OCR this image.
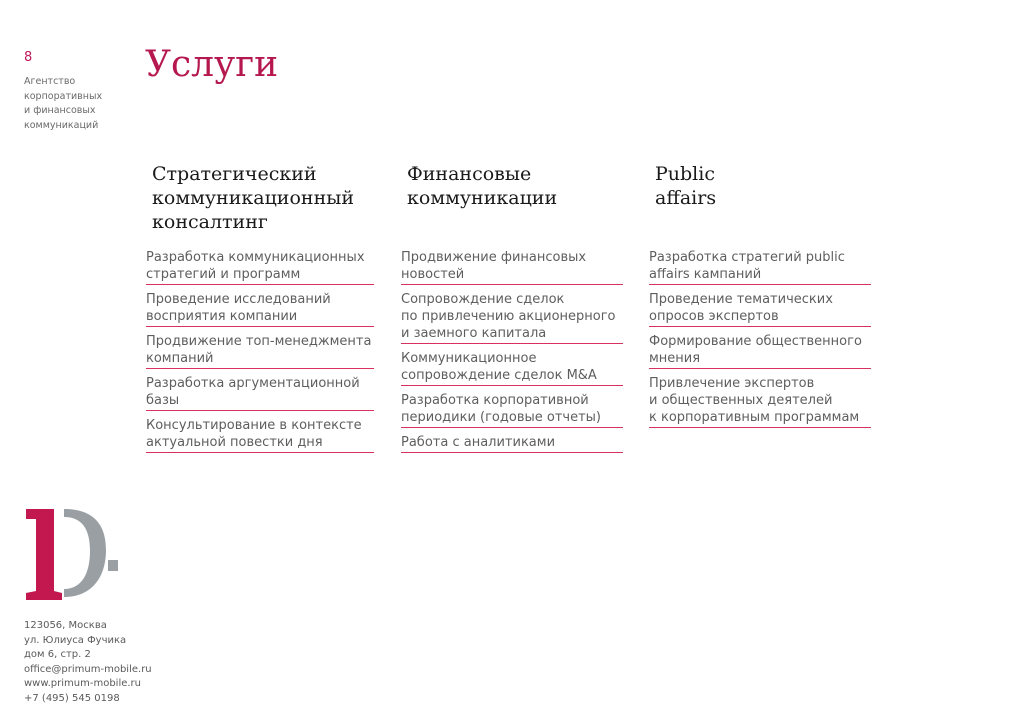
8
Агентство
корпоративных
и финансовых
коммуникаций
Услуги
Стратегический
коммуникационный
консалтинг
Разработка коммуникационных
стратегий и программ
Проведение исследований
восприятия компании
Продвижение топ-менеджмента
компаний
Разработка аргументационной
базы
Консультирование в контексте
актуальной повестки дня
Финансовые
коммуникации
Продвижение финансовых
новостей
Сопровождение сделок
по привлечению акционерного
и заемного капитала
Коммуникационное
сопровождение сделок M&A
Разработка корпоративной
периодики (годовые отчеты)
Работа с аналитиками
Public
affairs
Разработка стратегий public
affairs кампаний
Проведение тематических
опросов экспертов
Формирование общественного
мнения
Привлечение экспертов
и общественных деятелей
к корпоративным программам
123056, Москва
ул. Юлиуса Фучика
дом 6, стр. 2
office@primum-mobile.ru
www.primum-mobile.ru
+7 (495) 545 0198
